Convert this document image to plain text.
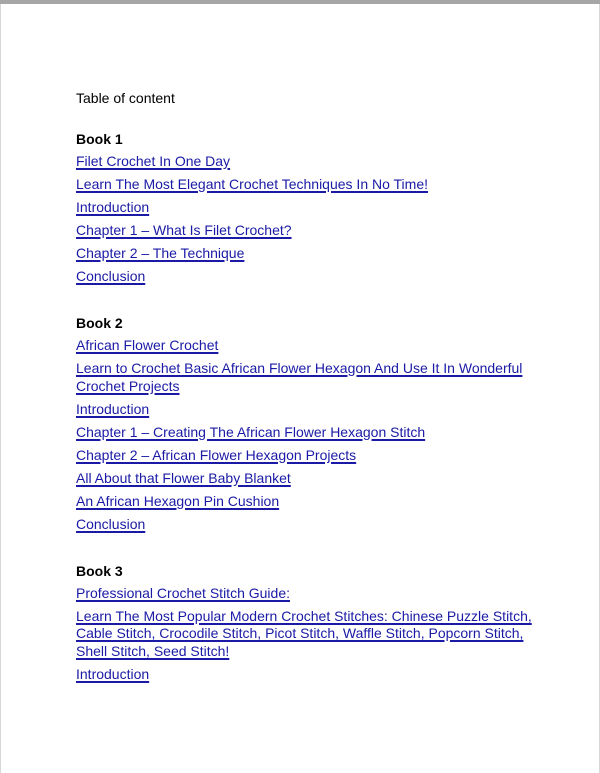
Table of content
Book 1
Filet Crochet In One Day
Learn The Most Elegant Crochet Techniques In No Time!
Introduction
Chapter 1 – What Is Filet Crochet?
Chapter 2 – The Technique
Conclusion
Book 2
African Flower Crochet
Learn to Crochet Basic African Flower Hexagon And Use It In Wonderful Crochet Projects
Introduction
Chapter 1 – Creating The African Flower Hexagon Stitch
Chapter 2 – African Flower Hexagon Projects
All About that Flower Baby Blanket
An African Hexagon Pin Cushion
Conclusion
Book 3
Professional Crochet Stitch Guide:
Learn The Most Popular Modern Crochet Stitches: Chinese Puzzle Stitch, Cable Stitch, Crocodile Stitch, Picot Stitch, Waffle Stitch, Popcorn Stitch, Shell Stitch, Seed Stitch!
Introduction
